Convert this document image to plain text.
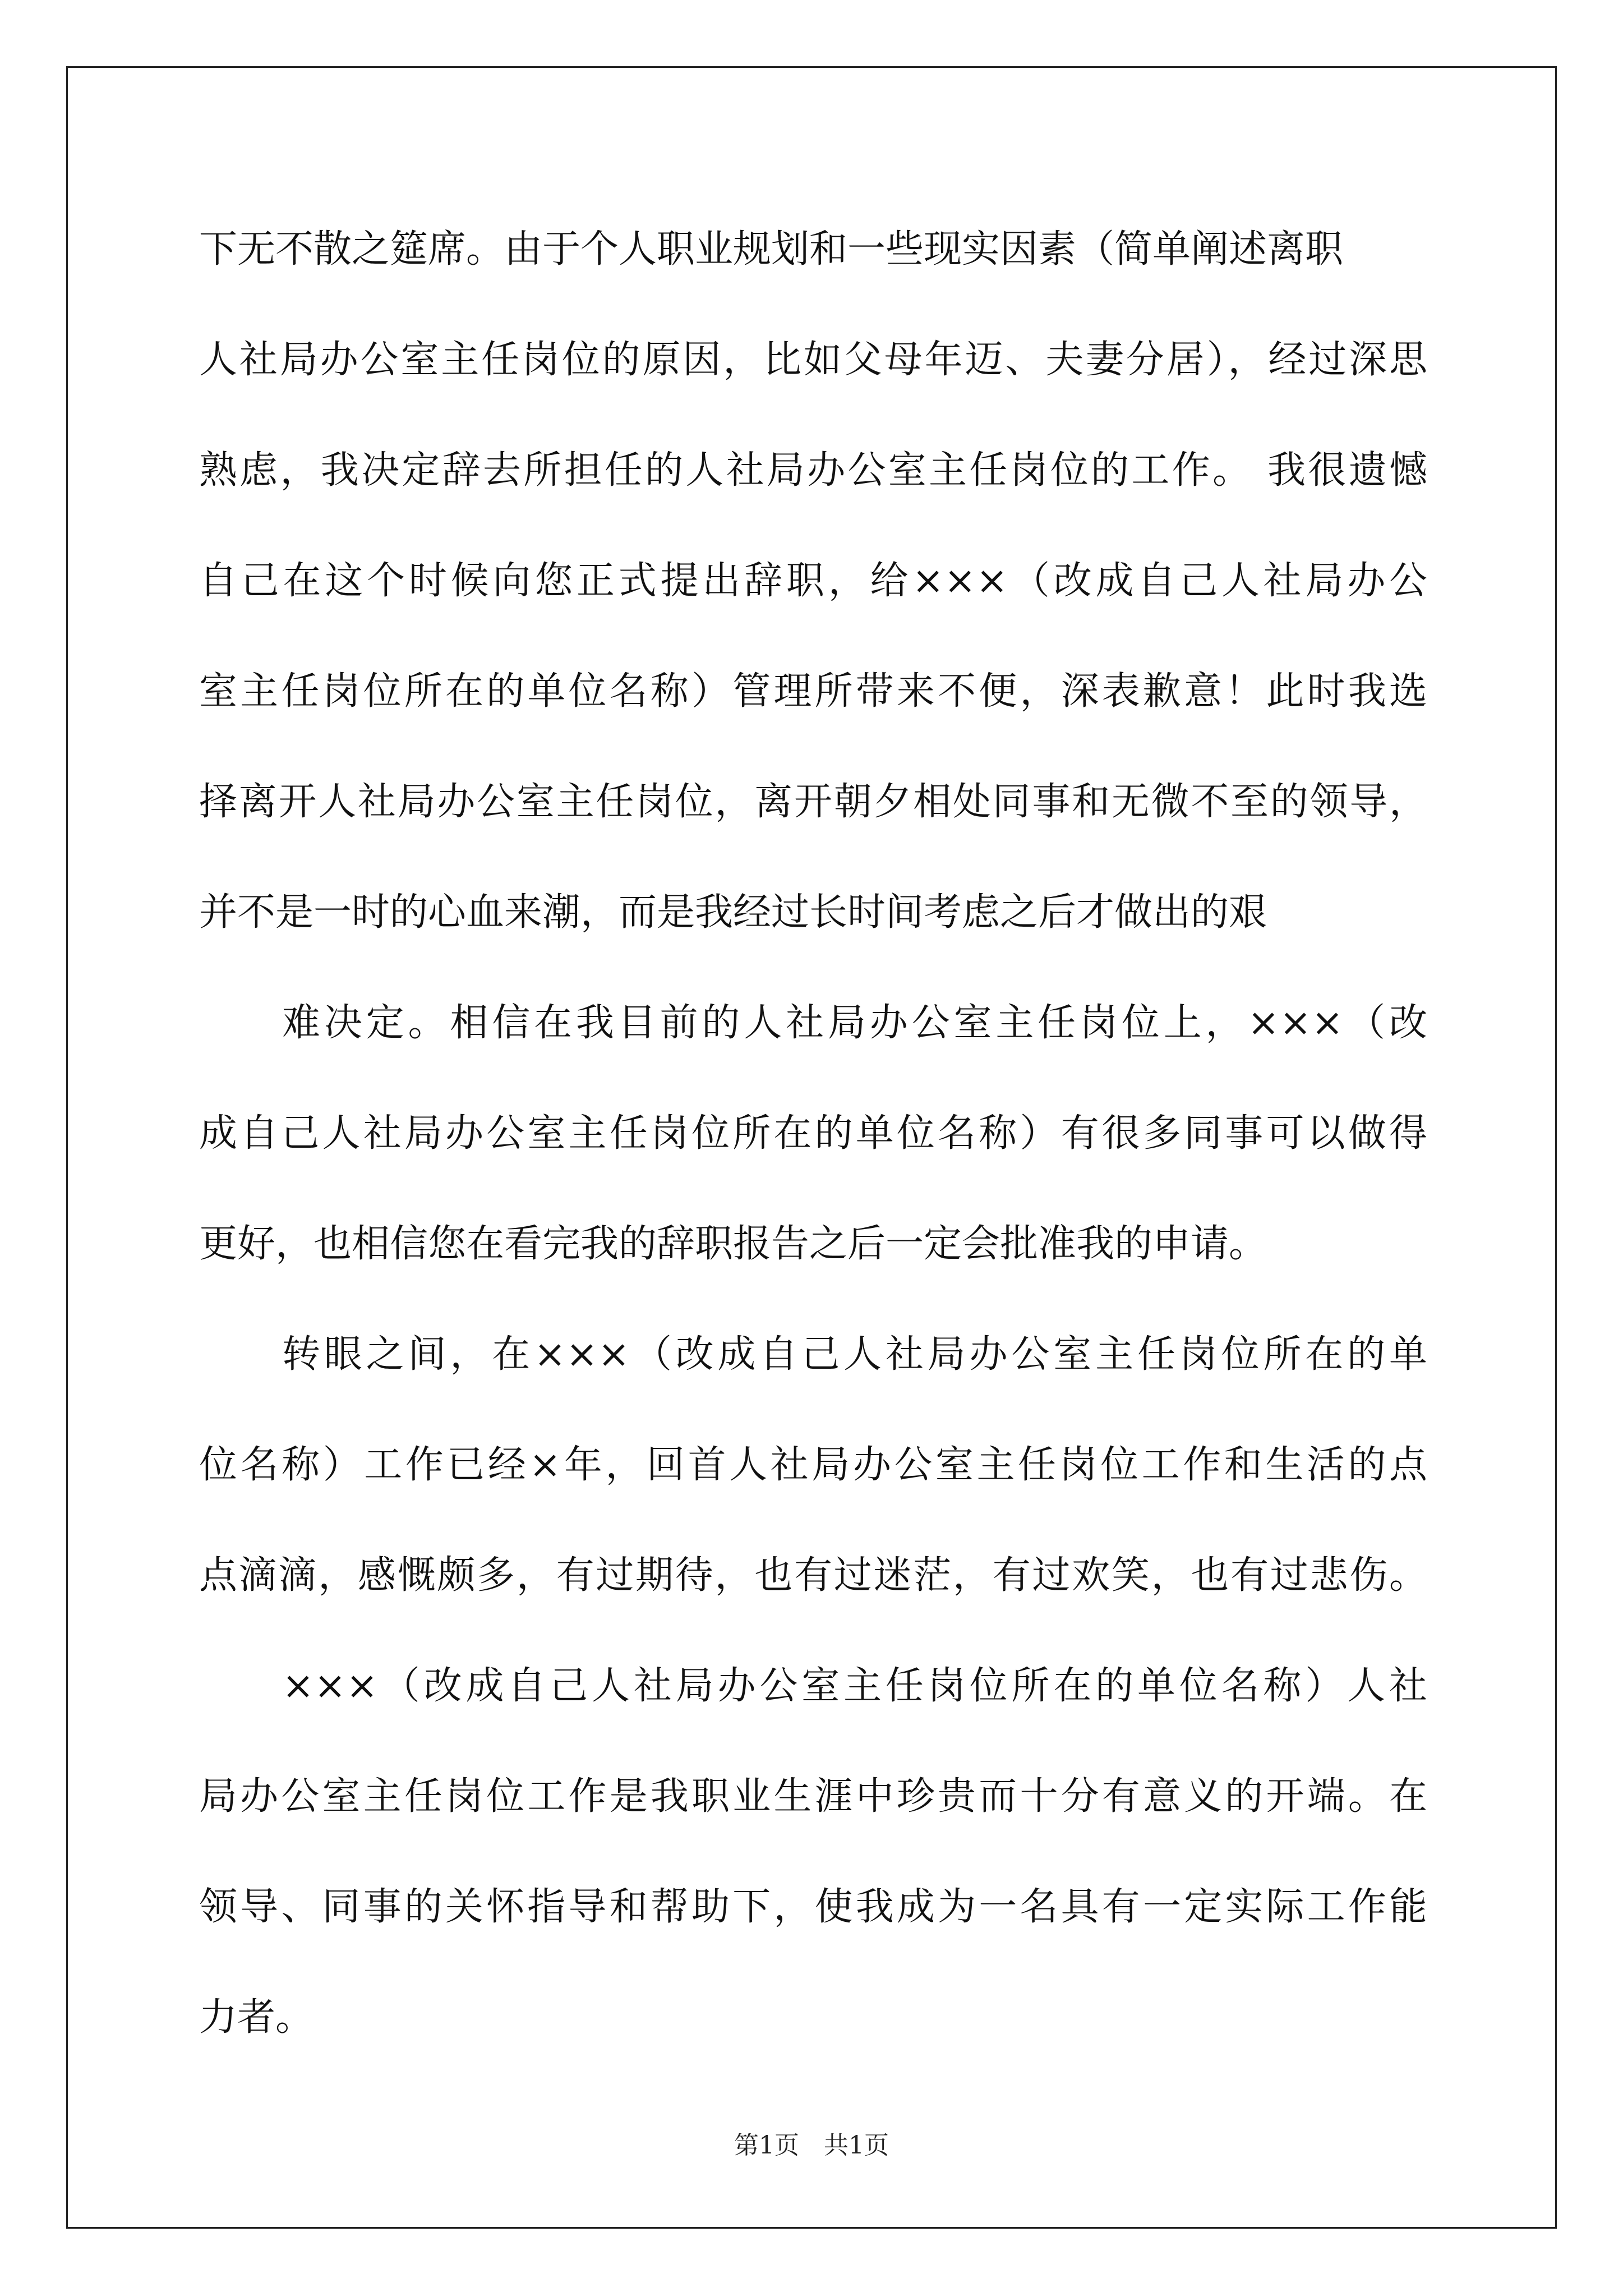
下无不散之筵席。由于个人职业规划和一些现实因素（简单阐述离职
人社局办公室主任岗位的原因，比如父母年迈、夫妻分居），经过深思
熟虑，我决定辞去所担任的人社局办公室主任岗位的工作。 我很遗憾
自己在这个时候向您正式提出辞职，给×××（改成自己人社局办公
室主任岗位所在的单位名称）管理所带来不便，深表歉意！此时我选
择离开人社局办公室主任岗位，离开朝夕相处同事和无微不至的领导，
并不是一时的心血来潮，而是我经过长时间考虑之后才做出的艰
难决定。相信在我目前的人社局办公室主任岗位上，×××（改
成自己人社局办公室主任岗位所在的单位名称）有很多同事可以做得
更好，也相信您在看完我的辞职报告之后一定会批准我的申请。
转眼之间，在×××（改成自己人社局办公室主任岗位所在的单
位名称）工作已经×年，回首人社局办公室主任岗位工作和生活的点
点滴滴，感慨颇多，有过期待，也有过迷茫，有过欢笑，也有过悲伤。
×××（改成自己人社局办公室主任岗位所在的单位名称）人社
局办公室主任岗位工作是我职业生涯中珍贵而十分有意义的开端。在
领导、同事的关怀指导和帮助下，使我成为一名具有一定实际工作能
力者。
第1页　共1页
